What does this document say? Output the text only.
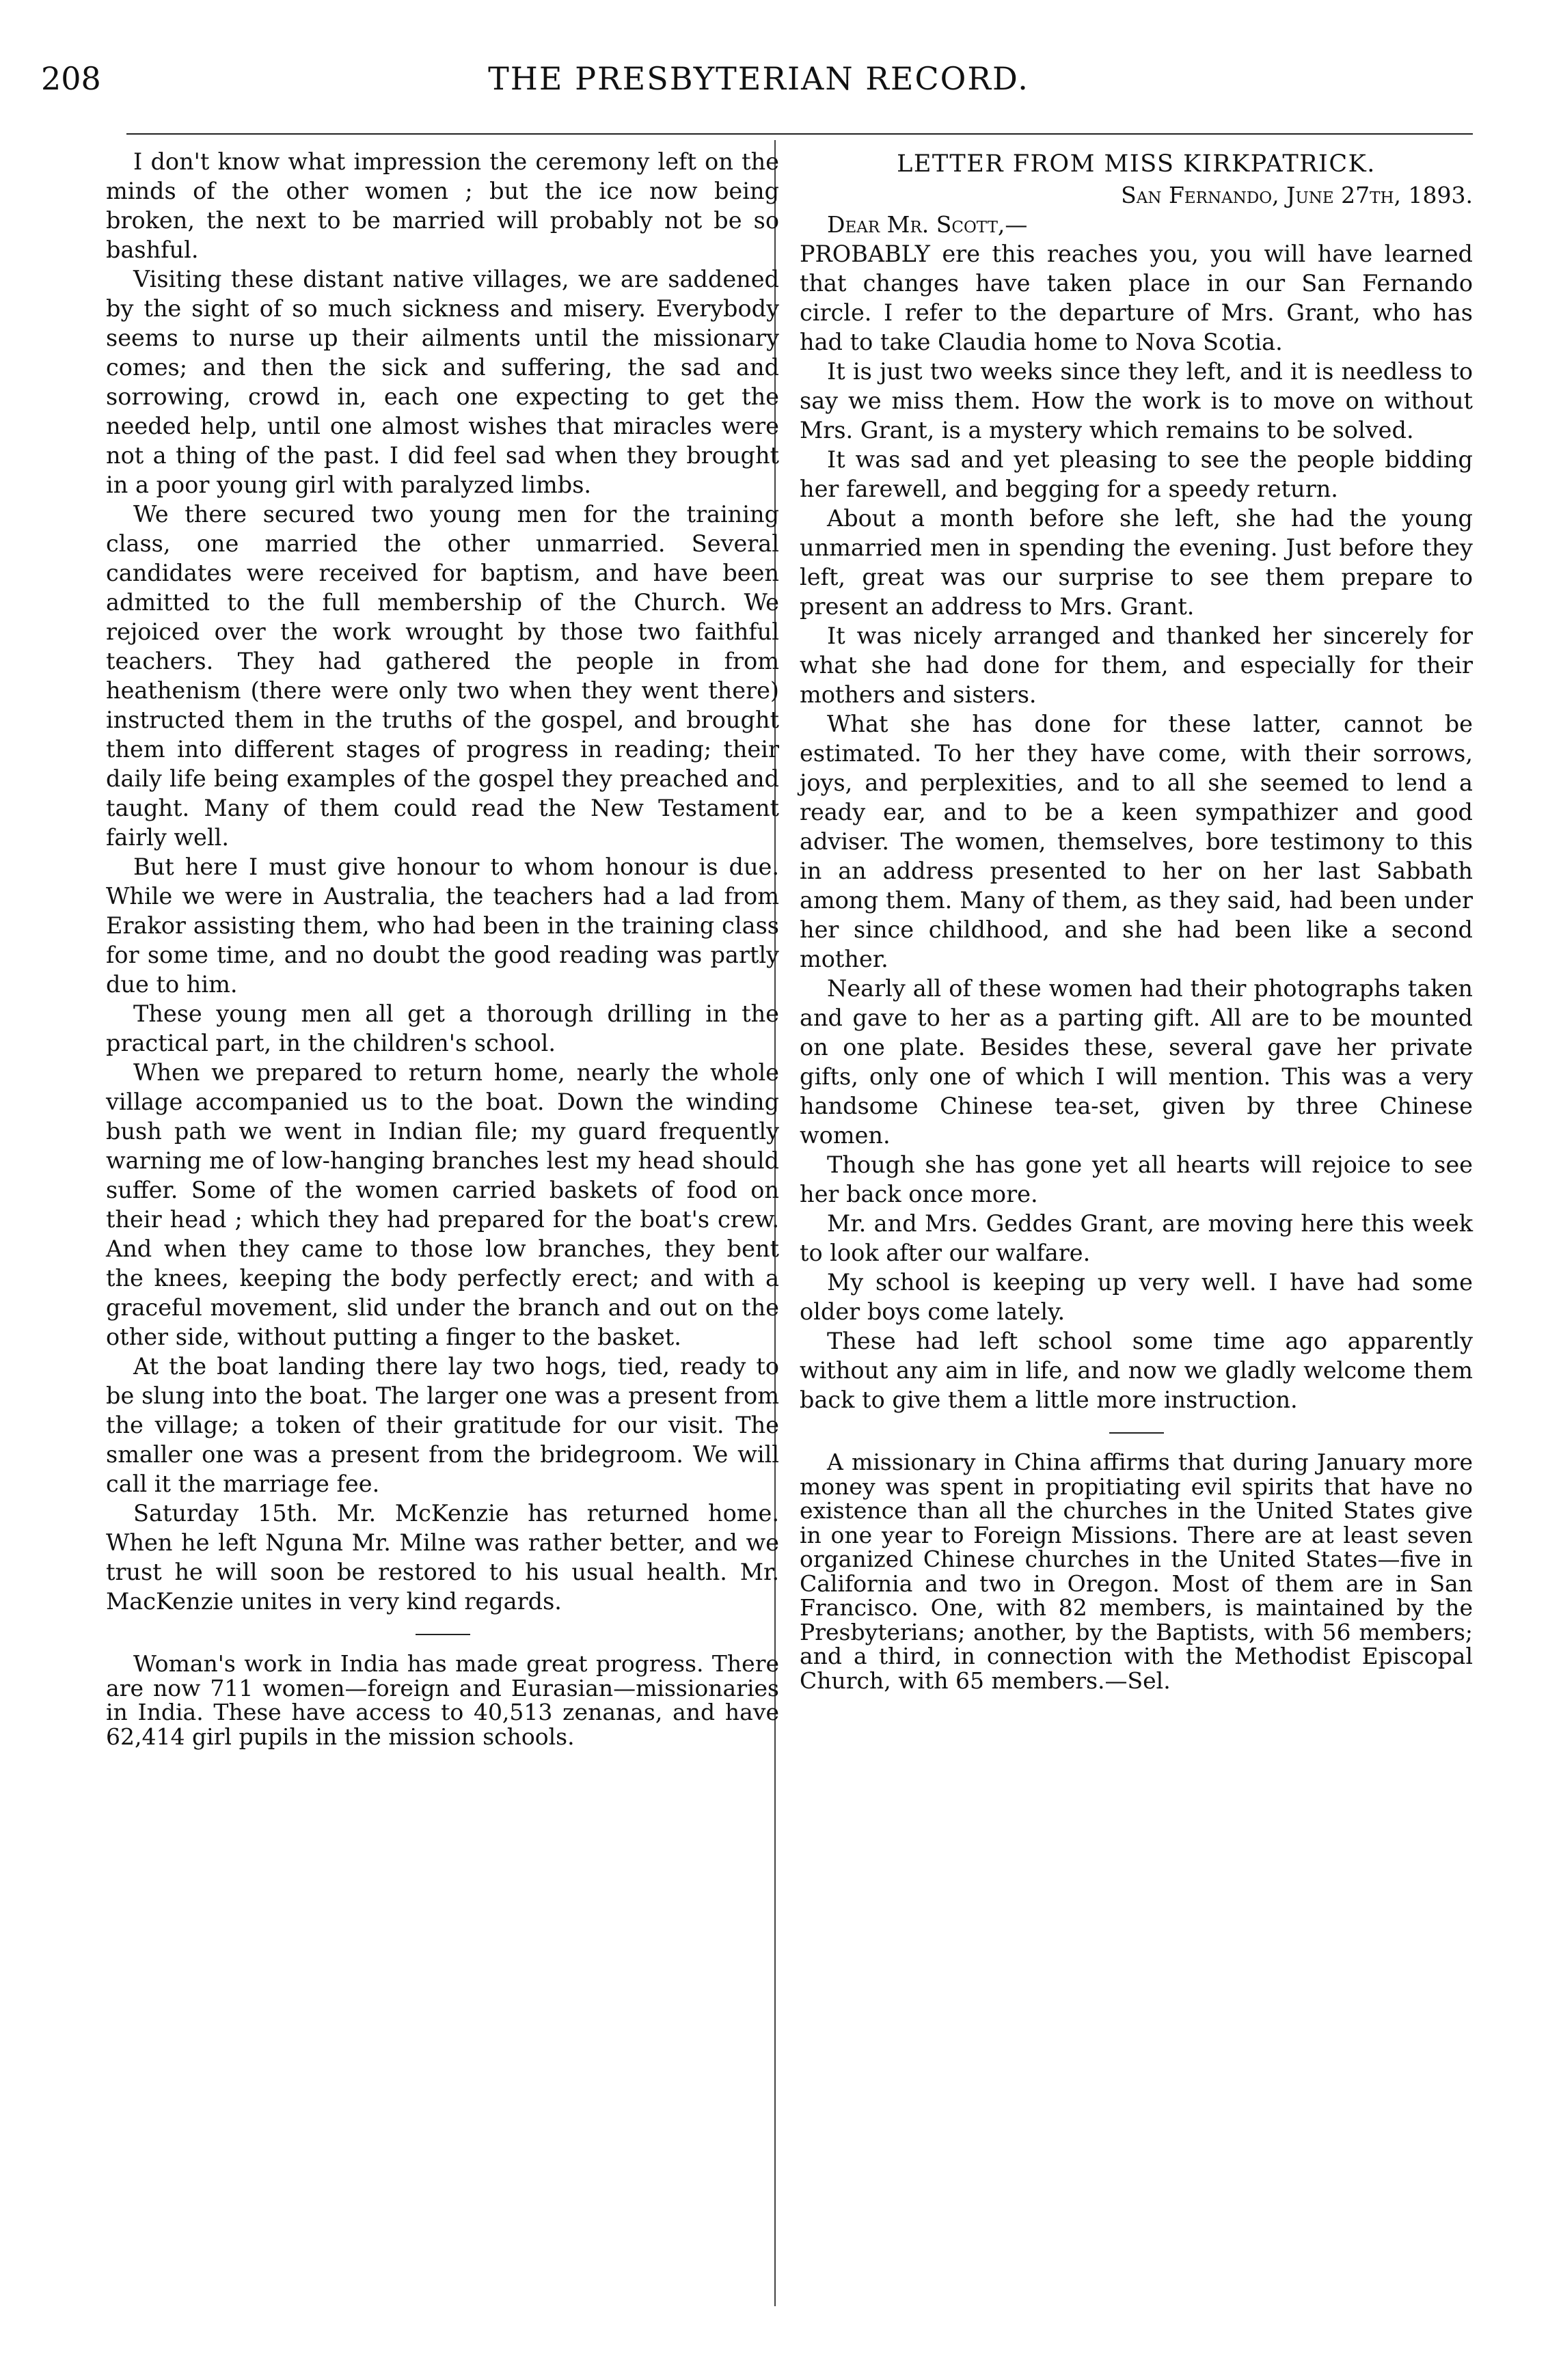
208	THE PRESBYTERIAN RECORD.

I don't know what impression the ceremony left on the minds of the other women ; but the ice now being broken, the next to be married will probably not be so bashful.

Visiting these distant native villages, we are saddened by the sight of so much sickness and misery. Everybody seems to nurse up their ailments until the missionary comes; and then the sick and suffering, the sad and sorrowing, crowd in, each one expecting to get the needed help, until one almost wishes that miracles were not a thing of the past. I did feel sad when they brought in a poor young girl with paralyzed limbs.

We there secured two young men for the training class, one married the other unmarried. Several candidates were received for baptism, and have been admitted to the full membership of the Church. We rejoiced over the work wrought by those two faithful teachers. They had gathered the people in from heathenism (there were only two when they went there) instructed them in the truths of the gospel, and brought them into different stages of progress in reading; their daily life being examples of the gospel they preached and taught. Many of them could read the New Testament fairly well.

But here I must give honour to whom honour is due. While we were in Australia, the teachers had a lad from Erakor assisting them, who had been in the training class for some time, and no doubt the good reading was partly due to him.

These young men all get a thorough drilling in the practical part, in the children's school.

When we prepared to return home, nearly the whole village accompanied us to the boat. Down the winding bush path we went in Indian file; my guard frequently warning me of low-hanging branches lest my head should suffer. Some of the women carried baskets of food on their head ; which they had prepared for the boat's crew. And when they came to those low branches, they bent the knees, keeping the body perfectly erect; and with a graceful movement, slid under the branch and out on the other side, without putting a finger to the basket.

At the boat landing there lay two hogs, tied, ready to be slung into the boat. The larger one was a present from the village; a token of their gratitude for our visit. The smaller one was a present from the bridegroom. We will call it the marriage fee.

Saturday 15th. Mr. McKenzie has returned home. When he left Nguna Mr. Milne was rather better, and we trust he will soon be restored to his usual health. Mr. MacKenzie unites in very kind regards.

Woman's work in India has made great progress. There are now 711 women—foreign and Eurasian—missionaries in India. These have access to 40,513 zenanas, and have 62,414 girl pupils in the mission schools.

LETTER FROM MISS KIRKPATRICK.

San Fernando, June 27th, 1893.

Dear Mr. Scott,—

PROBABLY ere this reaches you, you will have learned that changes have taken place in our San Fernando circle. I refer to the departure of Mrs. Grant, who has had to take Claudia home to Nova Scotia.

It is just two weeks since they left, and it is needless to say we miss them. How the work is to move on without Mrs. Grant, is a mystery which remains to be solved.

It was sad and yet pleasing to see the people bidding her farewell, and begging for a speedy return.

About a month before she left, she had the young unmarried men in spending the evening. Just before they left, great was our surprise to see them prepare to present an address to Mrs. Grant.

It was nicely arranged and thanked her sincerely for what she had done for them, and especially for their mothers and sisters.

What she has done for these latter, cannot be estimated. To her they have come, with their sorrows, joys, and perplexities, and to all she seemed to lend a ready ear, and to be a keen sympathizer and good adviser. The women, themselves, bore testimony to this in an address presented to her on her last Sabbath among them. Many of them, as they said, had been under her since childhood, and she had been like a second mother.

Nearly all of these women had their photographs taken and gave to her as a parting gift. All are to be mounted on one plate. Besides these, several gave her private gifts, only one of which I will mention. This was a very handsome Chinese tea-set, given by three Chinese women.

Though she has gone yet all hearts will rejoice to see her back once more.

Mr. and Mrs. Geddes Grant, are moving here this week to look after our walfare.

My school is keeping up very well. I have had some older boys come lately.

These had left school some time ago apparently without any aim in life, and now we gladly welcome them back to give them a little more instruction.

A missionary in China affirms that during January more money was spent in propitiating evil spirits that have no existence than all the churches in the United States give in one year to Foreign Missions. There are at least seven organized Chinese churches in the United States—five in California and two in Oregon. Most of them are in San Francisco. One, with 82 members, is maintained by the Presbyterians; another, by the Baptists, with 56 members; and a third, in connection with the Methodist Episcopal Church, with 65 members.—Sel.
